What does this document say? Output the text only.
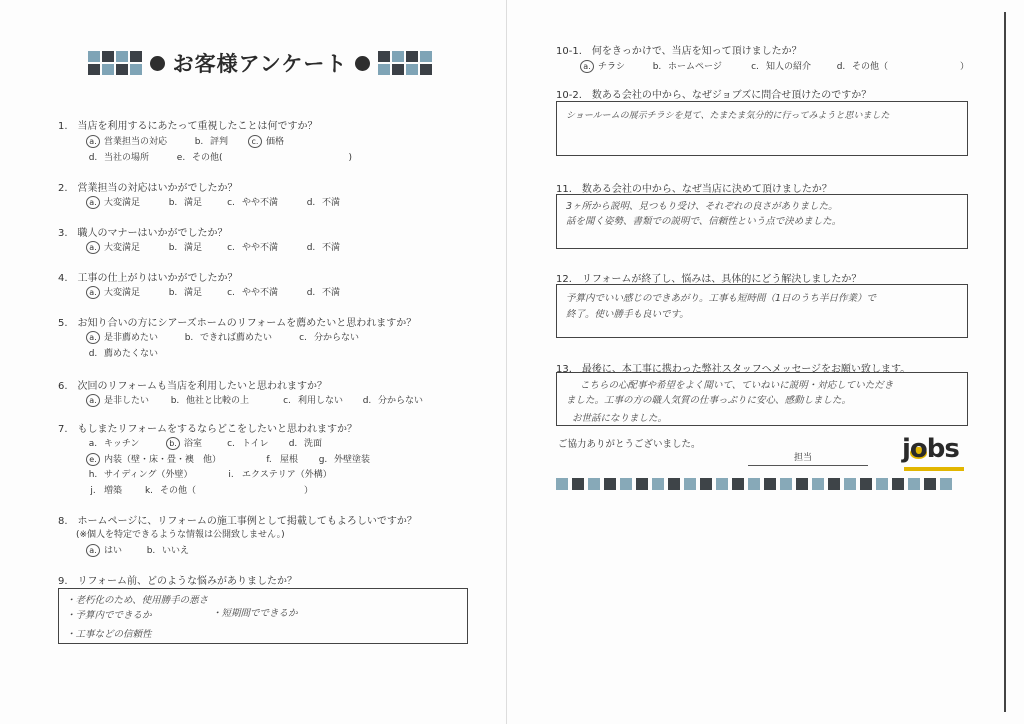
お客様アンケート
1.　当店を利用するにあたって重視したことは何ですか？
a. 営業担当の対応	b. 評判	c. 価格
d. 当社の場所	e. その他(　　　　　　　　　　　　　　)
2.　営業担当の対応はいかがでしたか？
a. 大変満足	b. 満足	c. やや不満	d. 不満
3.　職人のマナーはいかがでしたか？
a. 大変満足	b. 満足	c. やや不満	d. 不満
4.　工事の仕上がりはいかがでしたか？
a. 大変満足	b. 満足	c. やや不満	d. 不満
5.　お知り合いの方にシアーズホームのリフォームを薦めたいと思われますか？
a. 是非薦めたい	b. できれば薦めたい	c. 分からない
d. 薦めたくない
6.　次回のリフォームも当店を利用したいと思われますか？
a. 是非したい	b. 他社と比較の上	c. 利用しない	d. 分からない
7.　もしまたリフォームをするならどこをしたいと思われますか？
a. キッチン	b. 浴室	c. トイレ	d. 洗面
e. 内装（壁・床・畳・襖　他）	f. 屋根	g. 外壁塗装
h. サイディング（外壁）	i. エクステリア（外構）
j. 増築	k. その他（　　　　　　　　　　　　）
8.　ホームページに、リフォームの施工事例として掲載してもよろしいですか？
　　(※個人を特定できるような情報は公開致しません。)
a. はい	b. いいえ
9.　リフォーム前、どのような悩みがありましたか？
・老朽化のため、使用勝手の悪さ
・予算内でできるか	・短期間でできるか
・工事などの信頼性
10-1.　何をきっかけで、当店を知って頂けましたか？
a. チラシ	b. ホームページ	c. 知人の紹介	d. その他（　　　　　　　　）
10-2.　数ある会社の中から、なぜジョブズに問合せ頂けたのですか？
ショールームの展示チラシを見て、たまたま気分的に行ってみようと思いました
11.　数ある会社の中から、なぜ当店に決めて頂けましたか？
3ヶ所から説明、見つもり受け、それぞれの良さがありました。
話を聞く姿勢、書類での説明で、信頼性という点で決めました。
12.　リフォームが終了し、悩みは、具体的にどう解決しましたか？
予算内でいい感じのできあがり。工事も短時間（1日のうち半日作業）で
終了。使い勝手も良いです。
13.　最後に、本工事に携わった弊社スタッフへメッセージをお願い致します。
こちらの心配事や希望をよく聞いて、ていねいに説明・対応していただき
ました。工事の方の職人気質の仕事っぷりに安心、感動しました。
お世話になりました。
ご協力ありがとうございました。
担当	jobs
